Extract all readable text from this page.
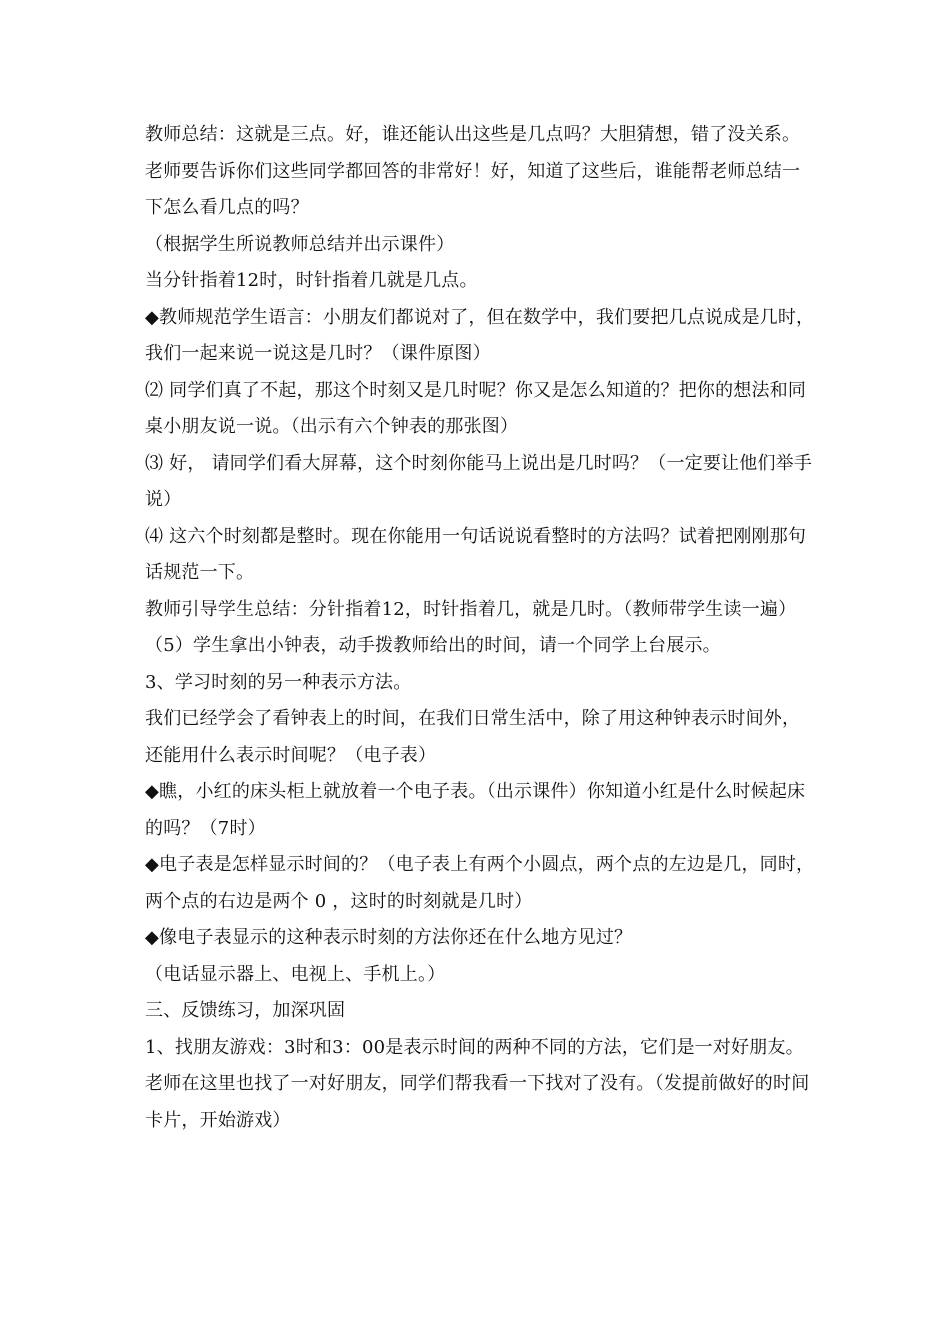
教师总结：这就是三点。好，谁还能认出这些是几点吗？大胆猜想，错了没关系。

老师要告诉你们这些同学都回答的非常好！好，知道了这些后，谁能帮老师总结一下怎么看几点的吗？

（根据学生所说教师总结并出示课件）

当分针指着12时，时针指着几就是几点。

◆教师规范学生语言：小朋友们都说对了，但在数学中，我们要把几点说成是几时，我们一起来说一说这是几时？（课件原图）

⑵ 同学们真了不起，那这个时刻又是几时呢？你又是怎么知道的？把你的想法和同桌小朋友说一说。（出示有六个钟表的那张图）

⑶ 好， 请同学们看大屏幕，这个时刻你能马上说出是几时吗？（一定要让他们举手说）

⑷ 这六个时刻都是整时。现在你能用一句话说说看整时的方法吗？试着把刚刚那句话规范一下。

教师引导学生总结：分针指着12，时针指着几，就是几时。（教师带学生读一遍）

（5）学生拿出小钟表，动手拨教师给出的时间，请一个同学上台展示。

3、学习时刻的另一种表示方法。

我们已经学会了看钟表上的时间，在我们日常生活中，除了用这种钟表示时间外，还能用什么表示时间呢？（电子表）

◆瞧，小红的床头柜上就放着一个电子表。（出示课件）你知道小红是什么时候起床的吗？（7时）

◆电子表是怎样显示时间的？（电子表上有两个小圆点，两个点的左边是几，同时，两个点的右边是两个 0 ，这时的时刻就是几时）

◆像电子表显示的这种表示时刻的方法你还在什么地方见过？

（电话显示器上、电视上、手机上。）

三、反馈练习，加深巩固

1、找朋友游戏：3时和3：00是表示时间的两种不同的方法，它们是一对好朋友。老师在这里也找了一对好朋友，同学们帮我看一下找对了没有。（发提前做好的时间卡片，开始游戏）
